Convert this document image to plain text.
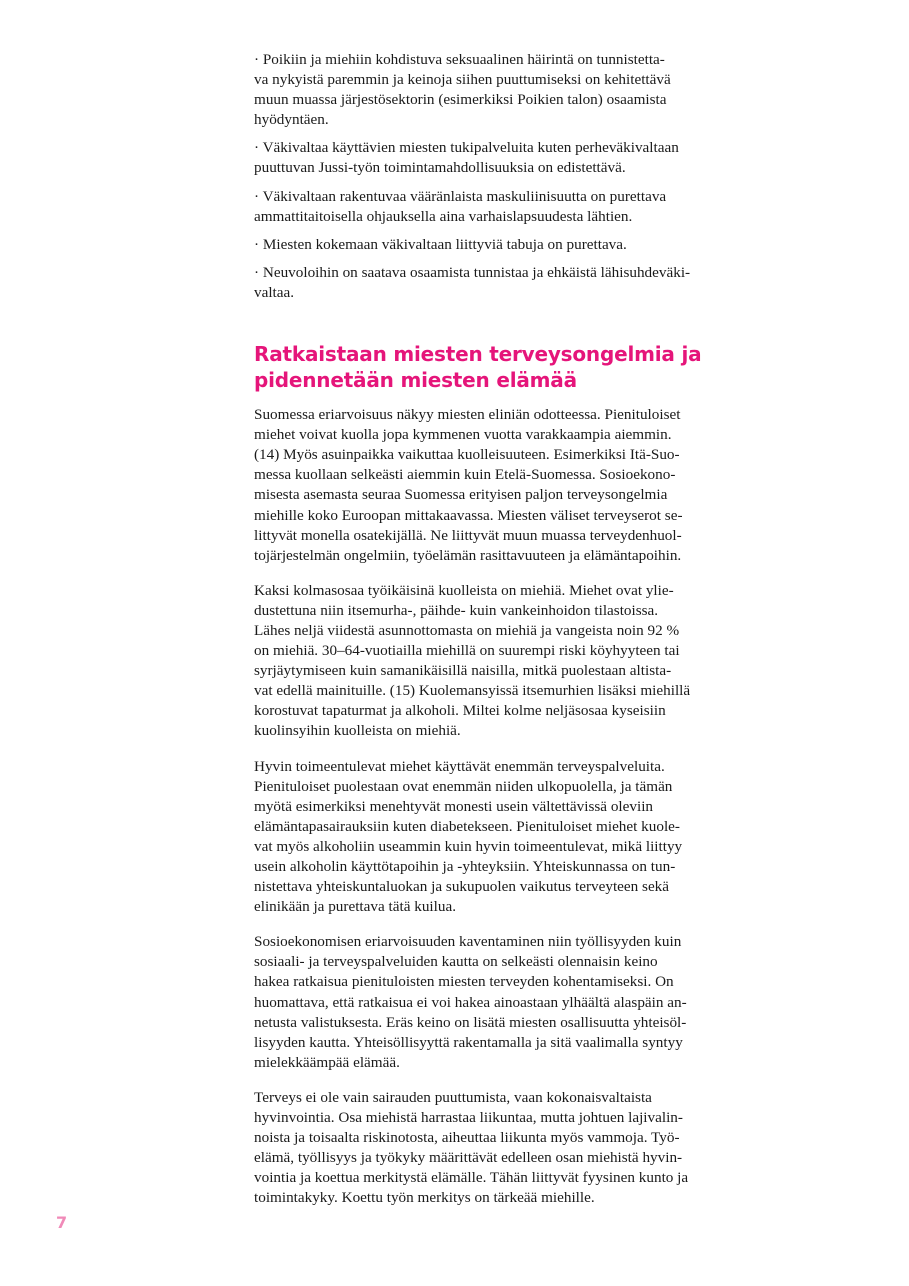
· Poikiin ja miehiin kohdistuva seksuaalinen häirintä on tunnistetta-
va nykyistä paremmin ja keinoja siihen puuttumiseksi on kehitettävä
muun muassa järjestösektorin (esimerkiksi Poikien talon) osaamista
hyödyntäen.
· Väkivaltaa käyttävien miesten tukipalveluita kuten perheväkivaltaan
puuttuvan Jussi-työn toimintamahdollisuuksia on edistettävä.
· Väkivaltaan rakentuvaa vääränlaista maskuliinisuutta on purettava
ammattitaitoisella ohjauksella aina varhaislapsuudesta lähtien.
· Miesten kokemaan väkivaltaan liittyviä tabuja on purettava.
· Neuvoloihin on saatava osaamista tunnistaa ja ehkäistä lähisuhdeväki-
valtaa.
Ratkaistaan miesten terveysongelmia ja
pidennetään miesten elämää
Suomessa eriarvoisuus näkyy miesten eliniän odotteessa. Pienituloiset
miehet voivat kuolla jopa kymmenen vuotta varakkaampia aiemmin.
(14) Myös asuinpaikka vaikuttaa kuolleisuuteen. Esimerkiksi Itä-Suo-
messa kuollaan selkeästi aiemmin kuin Etelä-Suomessa. Sosioekono-
misesta asemasta seuraa Suomessa erityisen paljon terveysongelmia
miehille koko Euroopan mittakaavassa. Miesten väliset terveyserot se-
littyvät monella osatekijällä. Ne liittyvät muun muassa terveydenhuol-
tojärjestelmän ongelmiin, työelämän rasittavuuteen ja elämäntapoihin.
Kaksi kolmasosaa työikäisinä kuolleista on miehiä. Miehet ovat yliе-
dustettuna niin itsemurha-, päihde- kuin vankeinhoidon tilastoissa.
Lähes neljä viidestä asunnottomasta on miehiä ja vangeista noin 92 %
on miehiä. 30–64-vuotiailla miehillä on suurempi riski köyhyyteen tai
syrjäytymiseen kuin samanikäisillä naisilla, mitkä puolestaan altista-
vat edellä mainituille. (15) Kuolemansyissä itsemurhien lisäksi miehillä
korostuvat tapaturmat ja alkoholi. Miltei kolme neljäsosaa kyseisiin
kuolinsyihin kuolleista on miehiä.
Hyvin toimeentulevat miehet käyttävät enemmän terveyspalveluita.
Pienituloiset puolestaan ovat enemmän niiden ulkopuolella, ja tämän
myötä esimerkiksi menehtyvät monesti usein vältettävissä oleviin
elämäntapasairauksiin kuten diabetekseen. Pienituloiset miehet kuole-
vat myös alkoholiin useammin kuin hyvin toimeentulevat, mikä liittyy
usein alkoholin käyttötapoihin ja -yhteyksiin. Yhteiskunnassa on tun-
nistettava yhteiskuntaluokan ja sukupuolen vaikutus terveyteen sekä
elinikään ja purettava tätä kuilua.
Sosioekonomisen eriarvoisuuden kaventaminen niin työllisyyden kuin
sosiaali- ja terveyspalveluiden kautta on selkeästi olennaisin keino
hakea ratkaisua pienituloisten miesten terveyden kohentamiseksi. On
huomattava, että ratkaisua ei voi hakea ainoastaan ylhäältä alaspäin an-
netusta valistuksesta. Eräs keino on lisätä miesten osallisuutta yhteisöl-
lisyyden kautta. Yhteisöllisyyttä rakentamalla ja sitä vaalimalla syntyy
mielekkäämpää elämää.
Terveys ei ole vain sairauden puuttumista, vaan kokonaisvaltaista
hyvinvointia. Osa miehistä harrastaa liikuntaa, mutta johtuen lajivalin-
noista ja toisaalta riskinotosta, aiheuttaa liikunta myös vammoja. Työ-
elämä, työllisyys ja työkyky määrittävät edelleen osan miehistä hyvin-
vointia ja koettua merkitystä elämälle. Tähän liittyvät fyysinen kunto ja
toimintakyky. Koettu työn merkitys on tärkeää miehille.
7
